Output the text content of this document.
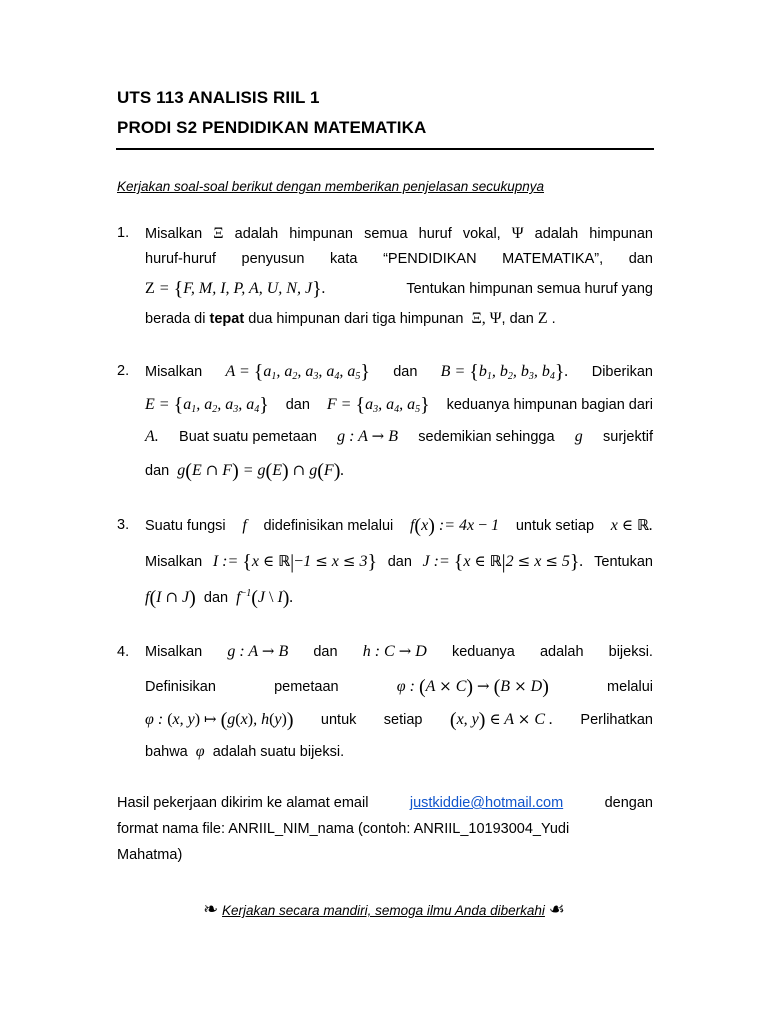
UTS 113 ANALISIS RIIL 1
PRODI S2 PENDIDIKAN MATEMATIKA
Kerjakan soal-soal berikut dengan memberikan penjelasan secukupnya
1. Misalkan Ξ adalah himpunan semua huruf vokal, Ψ adalah himpunan
huruf-huruf penyusun kata “PENDIDIKAN MATEMATIKA”, dan
Z = {F, M, I, P, A, U, N, J}.	Tentukan himpunan semua huruf yang
berada di tepat dua himpunan dari tiga himpunan  Ξ, Ψ, dan Z .
2. Misalkan $A = \{a_1$, $a_2$, $a_3$, $a_4$, $a_5$} dan $B = \{b_1$, $b_2$, $b_3$, $b_4$}. Diberikan
$E = \{a_1$, $a_2$, $a_3$, $a_4$} dan $F = \{a_3$, $a_4$, $a_5$} keduanya himpunan bagian dari
A. Buat suatu pemetaan g : A → B sedemikian sehingga g surjektif
dan g(E ∩ F) = g(E) ∩ g(F).
3. Suatu fungsi f didefinisikan melalui f(x) := 4x − 1 untuk setiap x ∈ ℝ.
Misalkan I := {x ∈ ℝ|−1 ≤ x ≤ 3} dan J := {x ∈ ℝ|2 ≤ x ≤ 5}. Tentukan
f(I ∩ J) dan $f^{-1}(J$ \ I).
4. Misalkan g : A → B dan h : C → D keduanya adalah bijeksi.
Definisikan	pemetaan	φ : (A × C) → (B × D)	melalui
φ : (x, y) ↦ (g(x), h(y)) untuk setiap (x, y) ∈ A × C . Perlihatkan
bahwa φ adalah suatu bijeksi.
Hasil pekerjaan dikirim ke alamat email	justkiddie@hotmail.com	dengan
format nama file: ANRIIL_NIM_nama (contoh: ANRIIL_10193004_Yudi
Mahatma)
❧ Kerjakan secara mandiri, semoga ilmu Anda diberkahi ☙
